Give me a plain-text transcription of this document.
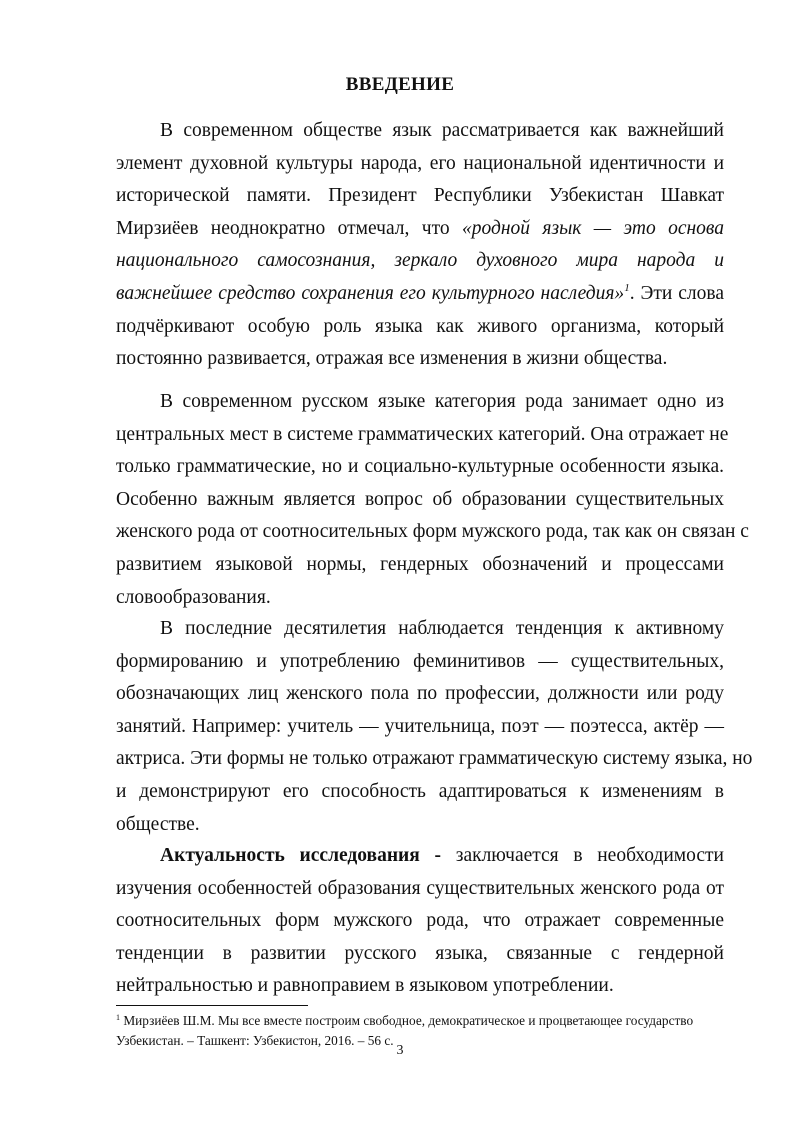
ВВЕДЕНИЕ
В современном обществе язык рассматривается как важнейший
элемент духовной культуры народа, его национальной идентичности и
исторической памяти. Президент Республики Узбекистан Шавкат
Мирзиёев неоднократно отмечал, что «родной язык — это основа
национального самосознания, зеркало духовного мира народа и
важнейшее средство сохранения его культурного наследия»$^1$. Эти слова
подчёркивают особую роль языка как живого организма, который
постоянно развивается, отражая все изменения в жизни общества.
В современном русском языке категория рода занимает одно из
центральных мест в системе грамматических категорий. Она отражает не
только грамматические, но и социально-культурные особенности языка.
Особенно важным является вопрос об образовании существительных
женского рода от соотносительных форм мужского рода, так как он связан с
развитием языковой нормы, гендерных обозначений и процессами
словообразования.
В последние десятилетия наблюдается тенденция к активному
формированию и употреблению феминитивов — существительных,
обозначающих лиц женского пола по профессии, должности или роду
занятий. Например: учитель — учительница, поэт — поэтесса, актёр —
актриса. Эти формы не только отражают грамматическую систему языка, но
и демонстрируют его способность адаптироваться к изменениям в
обществе.
Актуальность исследования - заключается в необходимости
изучения особенностей образования существительных женского рода от
соотносительных форм мужского рода, что отражает современные
тенденции в развитии русского языка, связанные с гендерной
нейтральностью и равноправием в языковом употреблении.
$^1$ Мирзиёев Ш.М. Мы все вместе построим свободное, демократическое и процветающее государство
Узбекистан. – Ташкент: Узбекистон, 2016. – 56 с.
3
